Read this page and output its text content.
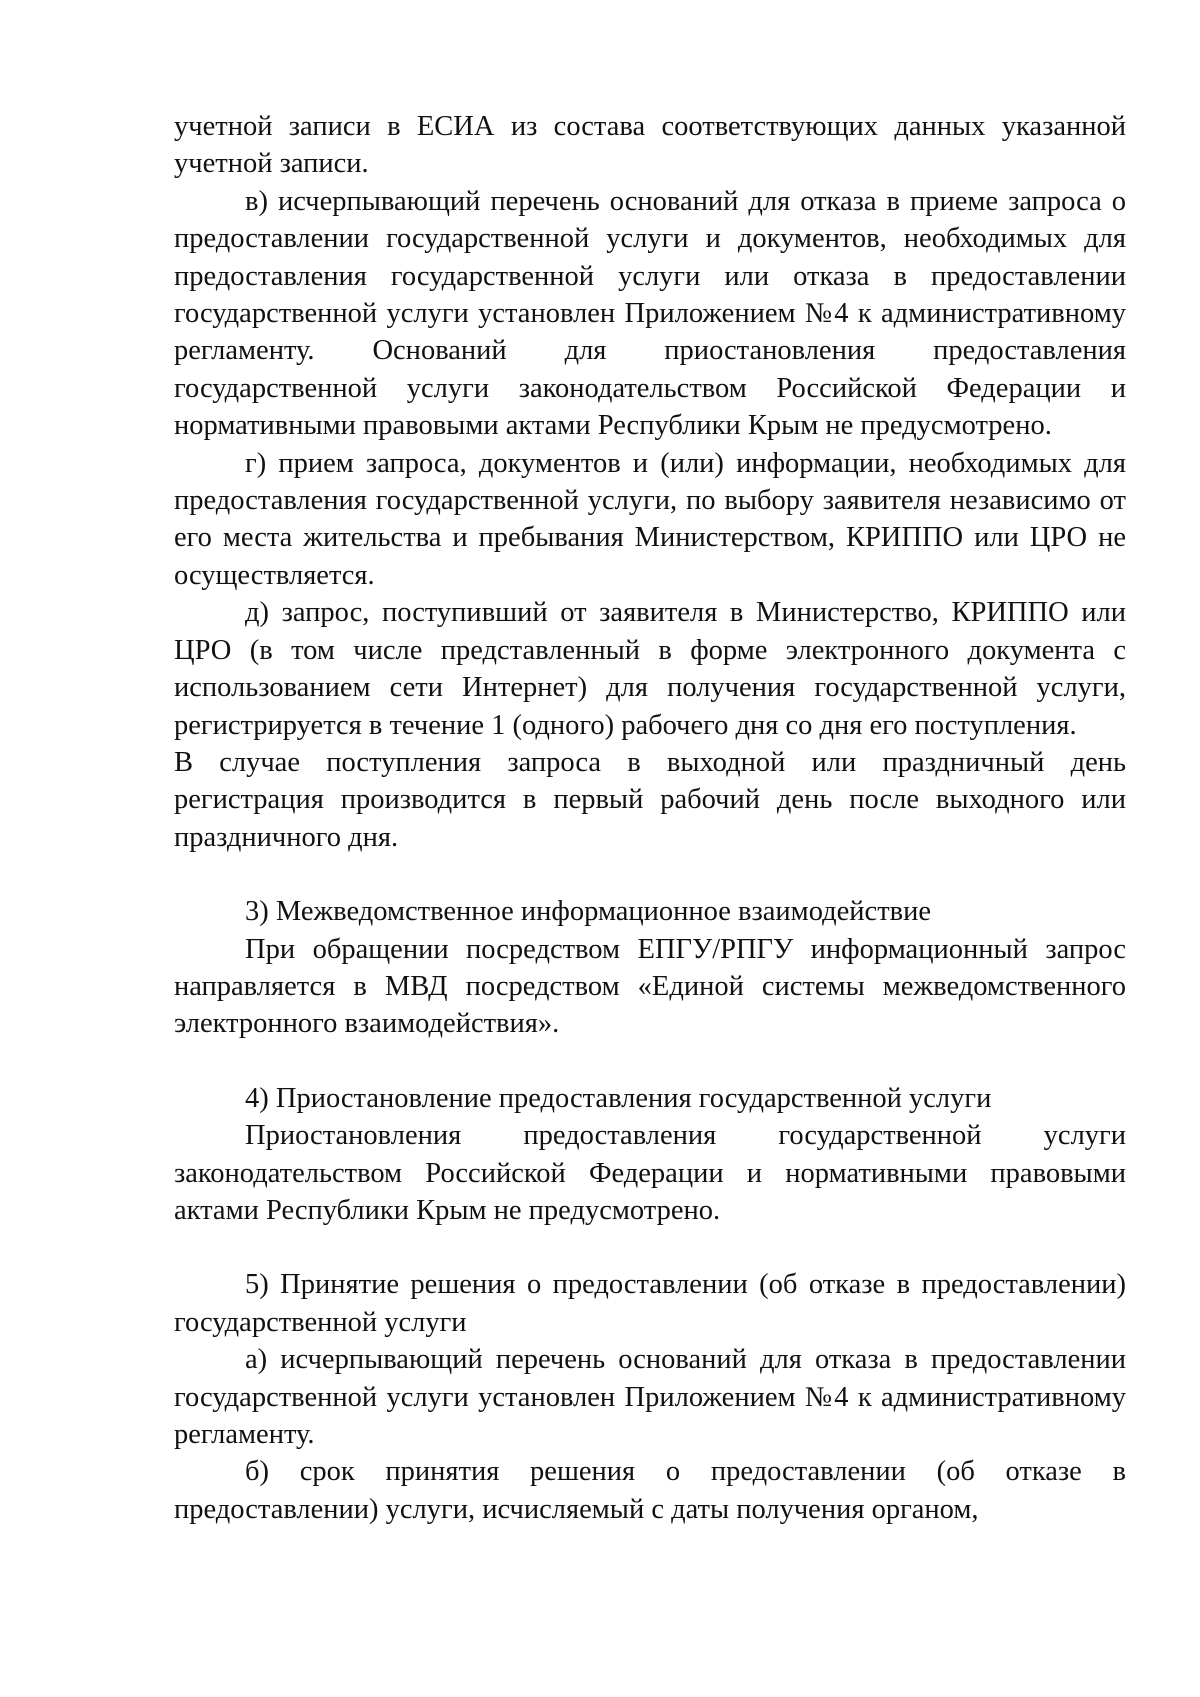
учетной записи в ЕСИА из состава соответствующих данных указанной учетной записи.

в) исчерпывающий перечень оснований для отказа в приеме запроса о предоставлении государственной услуги и документов, необходимых для предоставления государственной услуги или отказа в предоставлении государственной услуги установлен Приложением №4 к административному регламенту. Оснований для приостановления предоставления государственной услуги законодательством Российской Федерации и нормативными правовыми актами Республики Крым не предусмотрено.

г) прием запроса, документов и (или) информации, необходимых для предоставления государственной услуги, по выбору заявителя независимо от его места жительства и пребывания Министерством, КРИППО или ЦРО не осуществляется.

д) запрос, поступивший от заявителя в Министерство, КРИППО или ЦРО (в том числе представленный в форме электронного документа с использованием сети Интернет) для получения государственной услуги, регистрируется в течение 1 (одного) рабочего дня со дня его поступления.

В случае поступления запроса в выходной или праздничный день регистрация производится в первый рабочий день после выходного или праздничного дня.

3) Межведомственное информационное взаимодействие

При обращении посредством ЕПГУ/РПГУ информационный запрос направляется в МВД посредством «Единой системы межведомственного электронного взаимодействия».

4) Приостановление предоставления государственной услуги

Приостановления предоставления государственной услуги законодательством Российской Федерации и нормативными правовыми актами Республики Крым не предусмотрено.

5) Принятие решения о предоставлении (об отказе в предоставлении) государственной услуги

а) исчерпывающий перечень оснований для отказа в предоставлении государственной услуги установлен Приложением №4 к административному регламенту.

б) срок принятия решения о предоставлении (об отказе в предоставлении) услуги, исчисляемый с даты получения органом,
